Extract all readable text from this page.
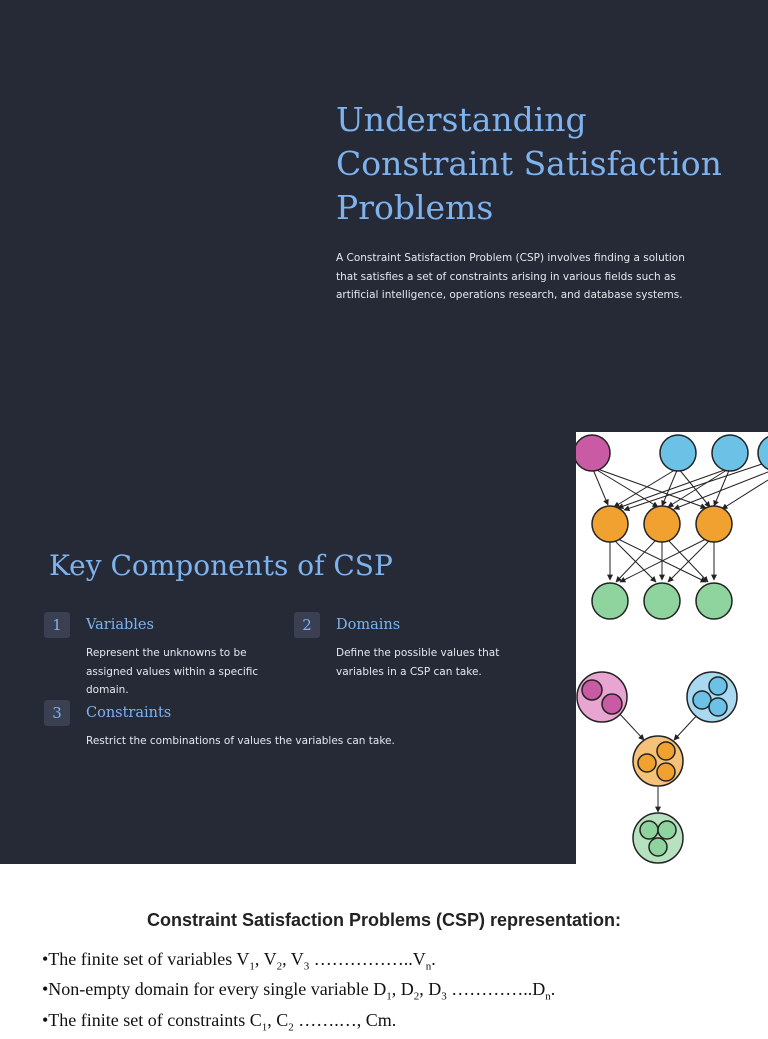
Understanding Constraint Satisfaction Problems

A Constraint Satisfaction Problem (CSP) involves finding a solution that satisfies a set of constraints arising in various fields such as artificial intelligence, operations research, and database systems.

Key Components of CSP
1	Variables
Represent the unknowns to be assigned values within a specific domain.
2	Domains
Define the possible values that variables in a CSP can take.
3	Constraints
Restrict the combinations of values the variables can take.
Constraint Satisfaction Problems (CSP) representation:
•The finite set of variables $V_1$, $V_2$, $V_3$ $\dots\dots\dots\dots\dots..V_n$.
•Non-empty domain for every single variable $D_1$, $D_2$, $D_3$ $\dots\dots\dots\dots..D_n$.
•The finite set of constraints $C_1$, $C_2$ …….…, Cm.
